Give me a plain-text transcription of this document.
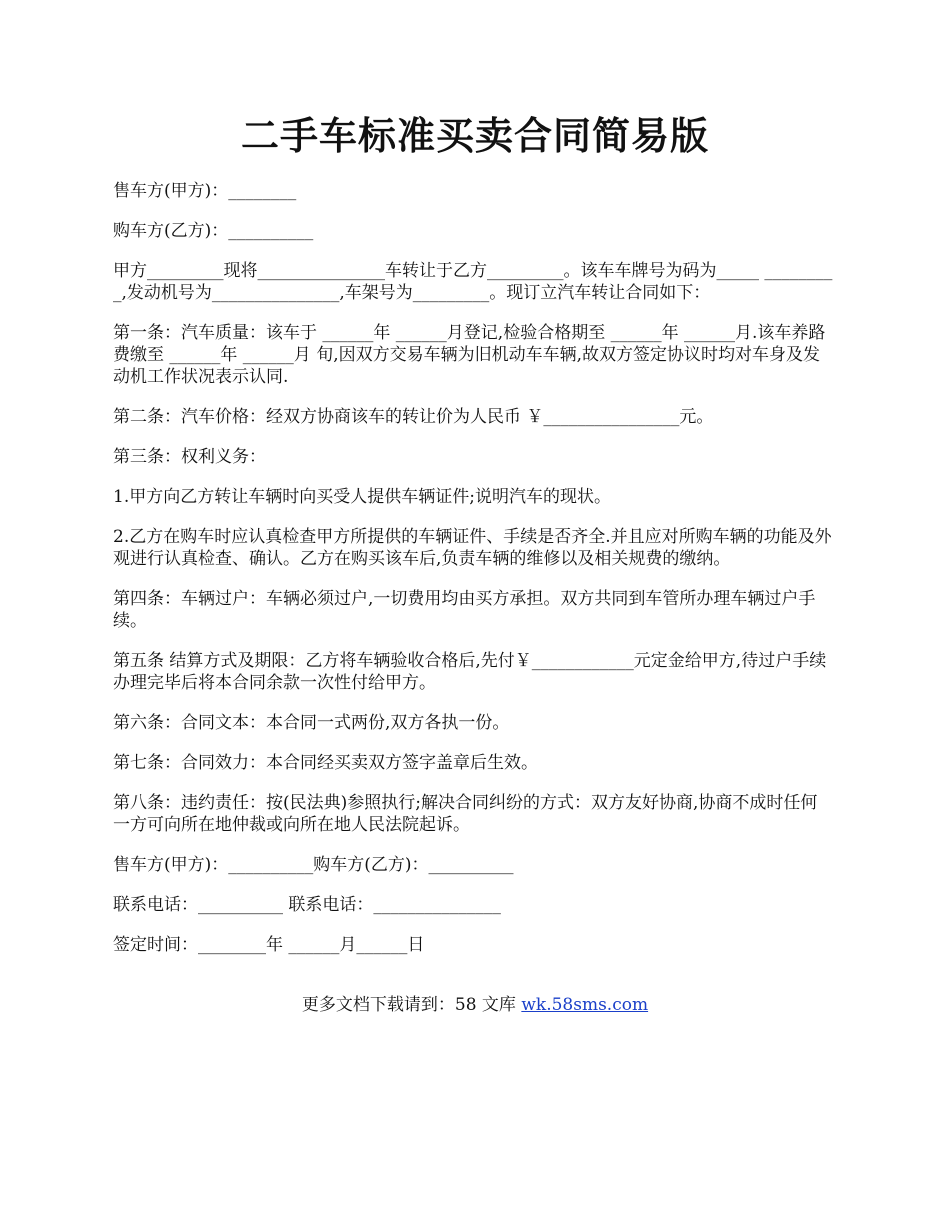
二手车标准买卖合同简易版

售车方(甲方)：________

购车方(乙方)：__________

甲方_________现将_______________车转让于乙方_________。该车车牌号为码为_____ _________,发动机号为_______________,车架号为_________。现订立汽车转让合同如下：

第一条：汽车质量：该车于 ______年 ______月登记,检验合格期至 ______年 ______月.该车养路费缴至 ______年 ______月 旬,因双方交易车辆为旧机动车车辆,故双方签定协议时均对车身及发动机工作状况表示认同.

第二条：汽车价格：经双方协商该车的转让价为人民币 ￥________________元。

第三条：权利义务：

1.甲方向乙方转让车辆时向买受人提供车辆证件;说明汽车的现状。

2.乙方在购车时应认真检查甲方所提供的车辆证件、手续是否齐全.并且应对所购车辆的功能及外观进行认真检查、确认。乙方在购买该车后,负责车辆的维修以及相关规费的缴纳。

第四条：车辆过户：车辆必须过户,一切费用均由买方承担。双方共同到车管所办理车辆过户手续。

第五条 结算方式及期限：乙方将车辆验收合格后,先付￥____________元定金给甲方,待过户手续办理完毕后将本合同余款一次性付给甲方。

第六条：合同文本：本合同一式两份,双方各执一份。

第七条：合同效力：本合同经买卖双方签字盖章后生效。

第八条：违约责任：按(民法典)参照执行;解决合同纠纷的方式：双方友好协商,协商不成时任何一方可向所在地仲裁或向所在地人民法院起诉。

售车方(甲方)：__________购车方(乙方)：__________

联系电话：__________ 联系电话：_______________

签定时间：________年 ______月______日

更多文档下载请到：58 文库 wk.58sms.com
